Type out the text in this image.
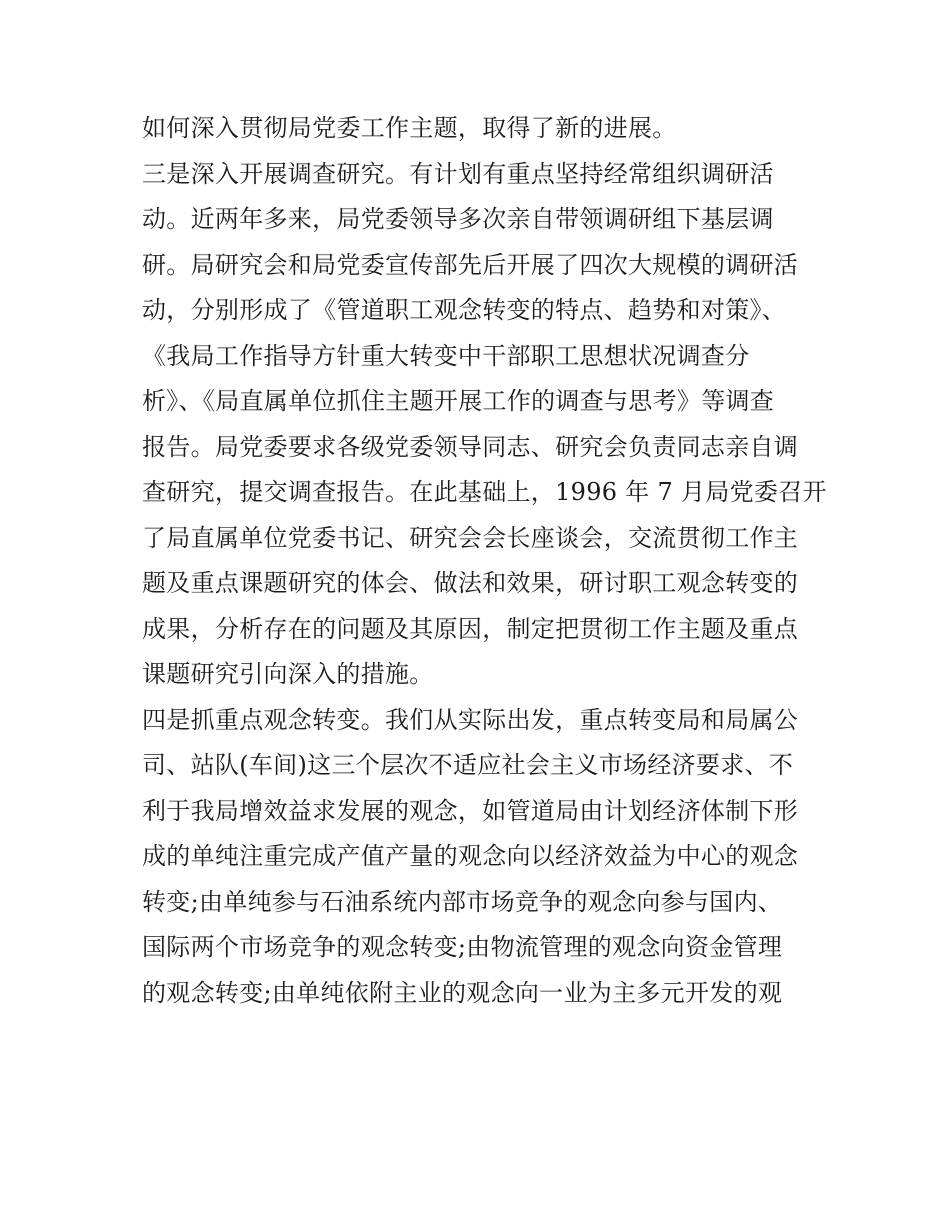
如何深入贯彻局党委工作主题，取得了新的进展。
三是深入开展调查研究。有计划有重点坚持经常组织调研活
动。近两年多来，局党委领导多次亲自带领调研组下基层调
研。局研究会和局党委宣传部先后开展了四次大规模的调研活
动，分别形成了《管道职工观念转变的特点、趋势和对策》、
《我局工作指导方针重大转变中干部职工思想状况调查分
析》、《局直属单位抓住主题开展工作的调查与思考》等调查
报告。局党委要求各级党委领导同志、研究会负责同志亲自调
查研究，提交调查报告。在此基础上，1996 年 7 月局党委召开
了局直属单位党委书记、研究会会长座谈会，交流贯彻工作主
题及重点课题研究的体会、做法和效果，研讨职工观念转变的
成果，分析存在的问题及其原因，制定把贯彻工作主题及重点
课题研究引向深入的措施。
四是抓重点观念转变。我们从实际出发，重点转变局和局属公
司、站队(车间)这三个层次不适应社会主义市场经济要求、不
利于我局增效益求发展的观念，如管道局由计划经济体制下形
成的单纯注重完成产值产量的观念向以经济效益为中心的观念
转变;由单纯参与石油系统内部市场竞争的观念向参与国内、
国际两个市场竞争的观念转变;由物流管理的观念向资金管理
的观念转变;由单纯依附主业的观念向一业为主多元开发的观
